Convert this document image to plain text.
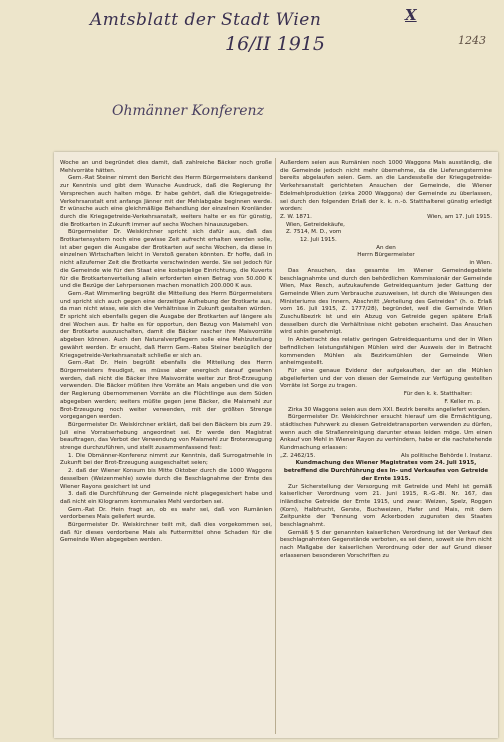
Amtsblatt der Stadt Wien
16/II 1915
X
1243
Ohmänner Konferenz

Woche an und begründet dies damit, daß zahlreiche Bäcker noch große Mehlvorräte hätten.

Gem.-Rat Steiner nimmt den Bericht des Herrn Bürgermeisters dankend zur Kenntnis und gibt dem Wunsche Ausdruck, daß die Regierung ihr Versprechen auch halten möge. Er habe gehört, daß die Kriegsgetreide-Verkehrsanstalt erst anfangs Jänner mit der Mehlabgabe beginnen werde. Er wünsche auch eine gleichmäßige Behandlung der einzelnen Kronländer durch die Kriegsgetreide-Verkehrsanstalt, weiters halte er es für günstig, die Brotkarten in Zukunft immer auf sechs Wochen hinauszugeben.

Bürgermeister Dr. Weiskirchner spricht sich dafür aus, daß das Brotkartensystem noch eine gewisse Zeit aufrecht erhalten werden solle, ist aber gegen die Ausgabe der Brotkarten auf sechs Wochen, da diese in einzelnen Wirtschaften leicht in Verstoß geraten könnten. Er hoffe, daß in nicht allzuferner Zeit die Brotkarte verschwinden werde. Sie sei jedoch für die Gemeinde wie für den Staat eine kostspielige Einrichtung, die Kuverts für die Brotkartenverteilung allein erforderten einen Betrag von 50.000 K und die Bezüge der Lehrpersonen machen monatlich 200.000 K aus.

Gem.-Rat Wimmerling begrüßt die Mitteilung des Herrn Bürgermeisters und spricht sich auch gegen eine derzeitige Aufhebung der Brotkarte aus, da man nicht wisse, wie sich die Verhältnisse in Zukunft gestalten würden. Er spricht sich ebenfalls gegen die Ausgabe der Brotkarten auf längere als drei Wochen aus. Er halte es für opportun, den Bezug von Maismehl von der Brotkarte auszuschalten, damit die Bäcker rascher ihre Maisvorräte abgeben können. Auch den Naturalverpflegern solle eine Mehlzuteilung gewährt werden. Er ersucht, daß Herrn Gem.-Rates Steiner bezüglich der Kriegsgetreide-Verkehrsanstalt schließe er sich an.

Gem.-Rat Dr. Hein begrüßt ebenfalls die Mitteilung des Herrn Bürgermeisters freudigst, es müsse aber energisch darauf gesehen werden, daß nicht die Bäcker ihre Maisvorräte weiter zur Brot-Erzeugung verwenden. Die Bäcker müßten ihre Vorräte an Mais angeben und die von der Regierung übernommenen Vorräte an die Flüchtlinge aus dem Süden abgegeben werden; weiters müßte gegen jene Bäcker, die Maismehl zur Brot-Erzeugung noch weiter verwenden, mit der größten Strenge vorgegangen werden.

Bürgermeister Dr. Weiskirchner erklärt, daß bei den Bäckern bis zum 29. Juli eine Vorratserhebung angeordnet sei. Er werde den Magistrat beauftragen, das Verbot der Verwendung von Maismehl zur Broterzeugung strenge durchzuführen, und stellt zusammenfassend fest:

1. Die Obmänner-Konferenz nimmt zur Kenntnis, daß Surrogatmehle in Zukunft bei der Brot-Erzeugung ausgeschaltet seien;

2. daß der Wiener Konsum bis Mitte Oktober durch die 1000 Waggons desselben (Weizenmehle) sowie durch die Beschlagnahme der Ernte des Wiener Rayons gesichert ist und

3. daß die Durchführung der Gemeinde nicht plagegesichert habe und daß nicht ein Kilogramm kommunales Mehl verdorben sei.

Gem.-Rat Dr. Hein fragt an, ob es wahr sei, daß von Rumänien verdorbenes Mais geliefert wurde.

Bürgermeister Dr. Weiskirchner teilt mit, daß dies vorgekommen sei, daß für dieses verdorbene Mais als Futtermittel ohne Schaden für die Gemeinde Wien abgegeben werden.

Außerdem seien aus Rumänien noch 1000 Waggons Mais ausständig, die die Gemeinde jedoch nicht mehr übernehme, da die Lieferungstermine bereits abgelaufen seien. Gem. an die Landesstelle der Kriegsgetreide-Verkehrsanstalt gerichteten Ansuchen der Gemeinde, die Wiener Edelmehlproduktion (zirka 2000 Waggons) der Gemeinde zu überlassen, sei durch den folgenden Erlaß der k. k. n.-ö. Statthalterei günstig erledigt worden:

Z. W. 1871.	Wien, am 17. Juli 1915.

Wien, Getreidekäufe,

Z. 7514, M. D., vom

12. Juli 1915.

An den

Herrn Bürgermeister

in Wien.

Das Ansuchen, das gesamte im Wiener Gemeindegebiete beschlagnahmte und durch den behördlichen Kommissionär der Gemeinde Wien, Max Resch, aufzukaufende Getreidequantum jeder Gattung der Gemeinde Wien zum Verbrauche zuzuweisen, ist durch die Weisungen des Ministeriums des Innern, Abschnitt „Verteilung des Getreides“ (h. o. Erlaß vom 16. Juli 1915, Z. 1777/28), begründet, weil die Gemeinde Wien Zuschußbezirk ist und ein Abzug von Getreide gegen spätere Erlaß desselben durch die Verhältnisse nicht geboten erscheint. Das Ansuchen wird sohin genehmigt.

In Anbetracht des relativ geringen Getreidequantums und der in Wien befindlichen leistungsfähigen Mühlen wird der Ausweis der in Betracht kommenden Mühlen als Bezirksmühlen der Gemeinde Wien anheimgestellt.

Für eine genaue Evidenz der aufgekauften, der an die Mühlen abgelieferten und der von diesen der Gemeinde zur Verfügung gestellten Vorräte ist Sorge zu tragen.

Für den k. k. Statthalter:

F. Keller m. p.

Zirka 30 Waggons seien aus dem XXI. Bezirk bereits angeliefert worden.

Bürgermeister Dr. Weiskirchner ersucht hierauf um die Ermächtigung, städtisches Fuhrwerk zu diesen Getreidetransporten verwenden zu dürfen, wenn auch die Straßenreinigung darunter etwas leiden möge. Um einen Ankauf von Mehl in Wiener Rayon zu verhindern, habe er die nachstehende Kundmachung erlassen:

„Z. 2462/15.	Als politische Behörde I. Instanz.

Kundmachung des Wiener Magistrates vom 24. Juli 1915, betreffend die Durchführung des In- und Verkaufes von Getreide der Ernte 1915.

Zur Sicherstellung der Versorgung mit Getreide und Mehl ist gemäß kaiserlicher Verordnung vom 21. Juni 1915, R.-G.-Bl. Nr. 167, das inländische Getreide der Ernte 1915, und zwar: Weizen, Spelz, Roggen (Korn), Halbfrucht, Gerste, Buchweizen, Hafer und Mais, mit dem Zeitpunkte der Trennung vom Ackerboden zugunsten des Staates beschlagnahmt.

Gemäß § 5 der genannten kaiserlichen Verordnung ist der Verkauf des beschlagnahmten Gegenstände verboten, es sei denn, soweit sie ihm nicht nach Maßgabe der kaiserlichen Verordnung oder der auf Grund dieser erlassenen besonderen Vorschriften zu
